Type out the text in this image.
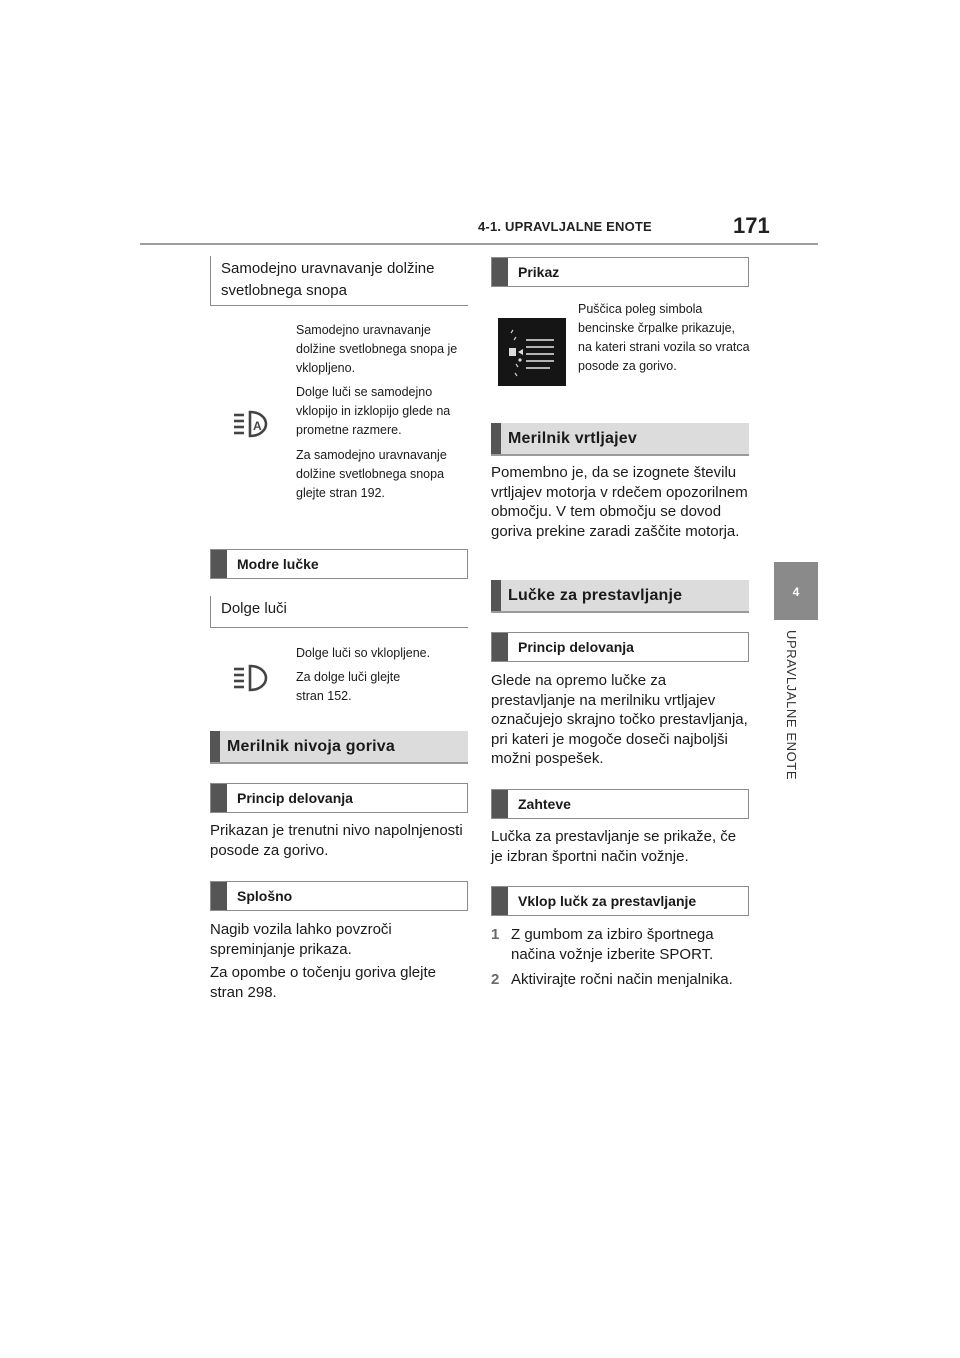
4-1. UPRAVLJALNE ENOTE	171
4
UPRAVLJALNE ENOTE
Samodejno uravnavanje dolžine svetlobnega snopa
A
Samodejno uravnavanje dolžine svetlobnega snopa je vklopljeno.
Dolge luči se samodejno vklopijo in izklopijo glede na prometne razmere.
Za samodejno uravnavanje dolžine svetlobnega snopa glejte stran 192.
Modre lučke
Dolge luči
Dolge luči so vklopljene.
Za dolge luči glejte stran 152.
Merilnik nivoja goriva
Princip delovanja
Prikazan je trenutni nivo napolnjenosti posode za gorivo.
Splošno
Nagib vozila lahko povzroči spreminjanje prikaza.
Za opombe o točenju goriva glejte stran 298.
Prikaz
Puščica poleg simbola bencinske črpalke prikazuje, na kateri strani vozila so vratca posode za gorivo.
Merilnik vrtljajev
Pomembno je, da se izognete številu vrtljajev motorja v rdečem opozorilnem območju. V tem območju se dovod goriva prekine zaradi zaščite motorja.
Lučke za prestavljanje
Princip delovanja
Glede na opremo lučke za prestavljanje na merilniku vrtljajev označujejo skrajno točko prestavljanja, pri kateri je mogoče doseči najboljši možni pospešek.
Zahteve
Lučka za prestavljanje se prikaže, če je izbran športni način vožnje.
Vklop lučk za prestavljanje
1 Z gumbom za izbiro športnega načina vožnje izberite SPORT.
2 Aktivirajte ročni način menjalnika.
